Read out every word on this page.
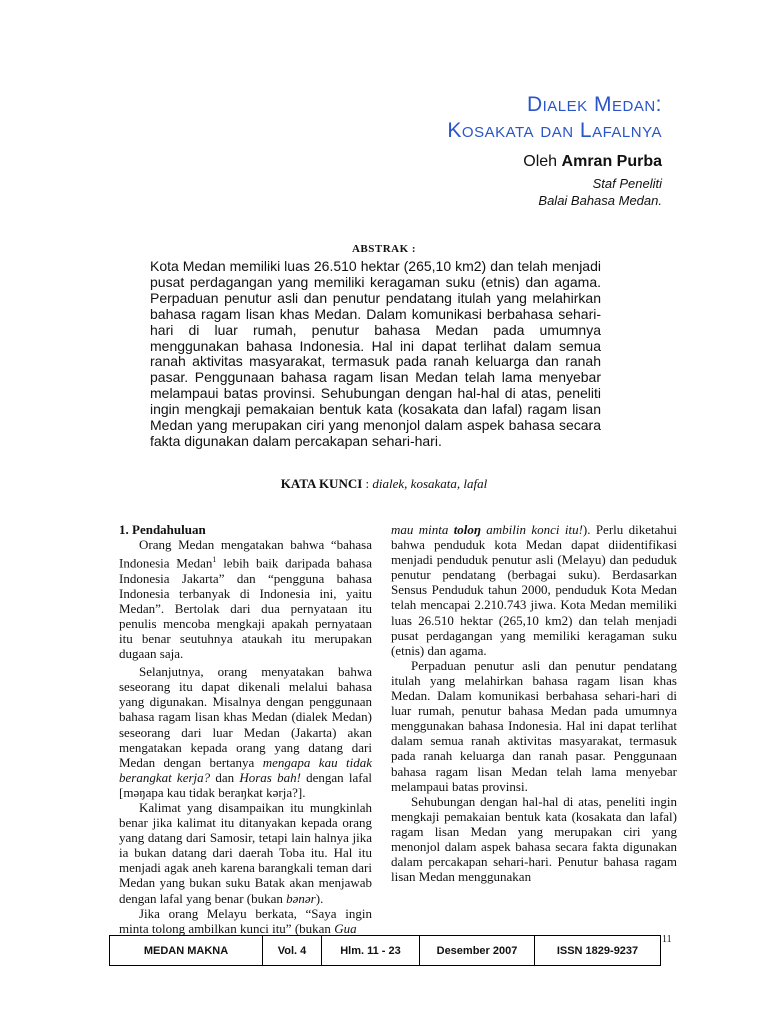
Dialek Medan:
Kosakata dan Lafalnya
Oleh Amran Purba
Staf Peneliti
Balai Bahasa Medan.
ABSTRAK :
Kota Medan memiliki luas 26.510 hektar (265,10 km2) dan telah menjadi pusat perdagangan yang memiliki keragaman suku (etnis) dan agama. Perpaduan penutur asli dan penutur pendatang itulah yang melahirkan bahasa ragam lisan khas Medan. Dalam komunikasi berbahasa sehari-hari di luar rumah, penutur bahasa Medan pada umumnya menggunakan bahasa Indonesia. Hal ini dapat terlihat dalam semua ranah aktivitas masyarakat, termasuk pada ranah keluarga dan ranah pasar. Penggunaan bahasa ragam lisan Medan telah lama menyebar melampaui batas provinsi. Sehubungan dengan hal-hal di atas, peneliti ingin mengkaji pemakaian bentuk kata (kosakata dan lafal) ragam lisan Medan yang merupakan ciri yang menonjol dalam aspek bahasa secara fakta digunakan dalam percakapan sehari-hari.
KATA KUNCI : dialek, kosakata, lafal

1. Pendahuluan

Orang Medan mengatakan bahwa “bahasa Indonesia Medan$^1$ lebih baik daripada bahasa Indonesia Jakarta” dan “pengguna bahasa Indonesia terbanyak di Indonesia ini, yaitu Medan”. Bertolak dari dua pernyataan itu penulis mencoba mengkaji apakah pernyataan itu benar seutuhnya ataukah itu merupakan dugaan saja.

Selanjutnya, orang menyatakan bahwa seseorang itu dapat dikenali melalui bahasa yang digunakan. Misalnya dengan penggunaan bahasa ragam lisan khas Medan (dialek Medan) seseorang dari luar Medan (Jakarta) akan mengatakan kepada orang yang datang dari Medan dengan bertanya mengapa kau tidak berangkat kerja? dan Horas bah! dengan lafal [məŋapa kau tidak beraŋkat kərja?].

Kalimat yang disampaikan itu mungkinlah benar jika kalimat itu ditanyakan kepada orang yang datang dari Samosir, tetapi lain halnya jika ia bukan datang dari daerah Toba itu. Hal itu menjadi agak aneh karena barangkali teman dari Medan yang bukan suku Batak akan menjawab dengan lafal yang benar (bukan bənər).

Jika orang Melayu berkata, “Saya ingin minta tolong ambilkan kunci itu” (bukan Gua

mau minta toloŋ ambilin konci itu!). Perlu diketahui bahwa penduduk kota Medan dapat diidentifikasi menjadi penduduk penutur asli (Melayu) dan peduduk penutur pendatang (berbagai suku). Berdasarkan Sensus Penduduk tahun 2000, penduduk Kota Medan telah mencapai 2.210.743 jiwa. Kota Medan memiliki luas 26.510 hektar (265,10 km2) dan telah menjadi pusat perdagangan yang memiliki keragaman suku (etnis) dan agama.

Perpaduan penutur asli dan penutur pendatang itulah yang melahirkan bahasa ragam lisan khas Medan. Dalam komunikasi berbahasa sehari-hari di luar rumah, penutur bahasa Medan pada umumnya menggunakan bahasa Indonesia. Hal ini dapat terlihat dalam semua ranah aktivitas masyarakat, termasuk pada ranah keluarga dan ranah pasar. Penggunaan bahasa ragam lisan Medan telah lama menyebar melampaui batas provinsi.

Sehubungan dengan hal-hal di atas, peneliti ingin mengkaji pemakaian bentuk kata (kosakata dan lafal) ragam lisan Medan yang merupakan ciri yang menonjol dalam aspek bahasa secara fakta digunakan dalam percakapan sehari-hari. Penutur bahasa ragam lisan Medan menggunakan

MEDAN MAKNA	Vol. 4	Hlm. 11 - 23	Desember 2007	ISSN 1829-9237
11
